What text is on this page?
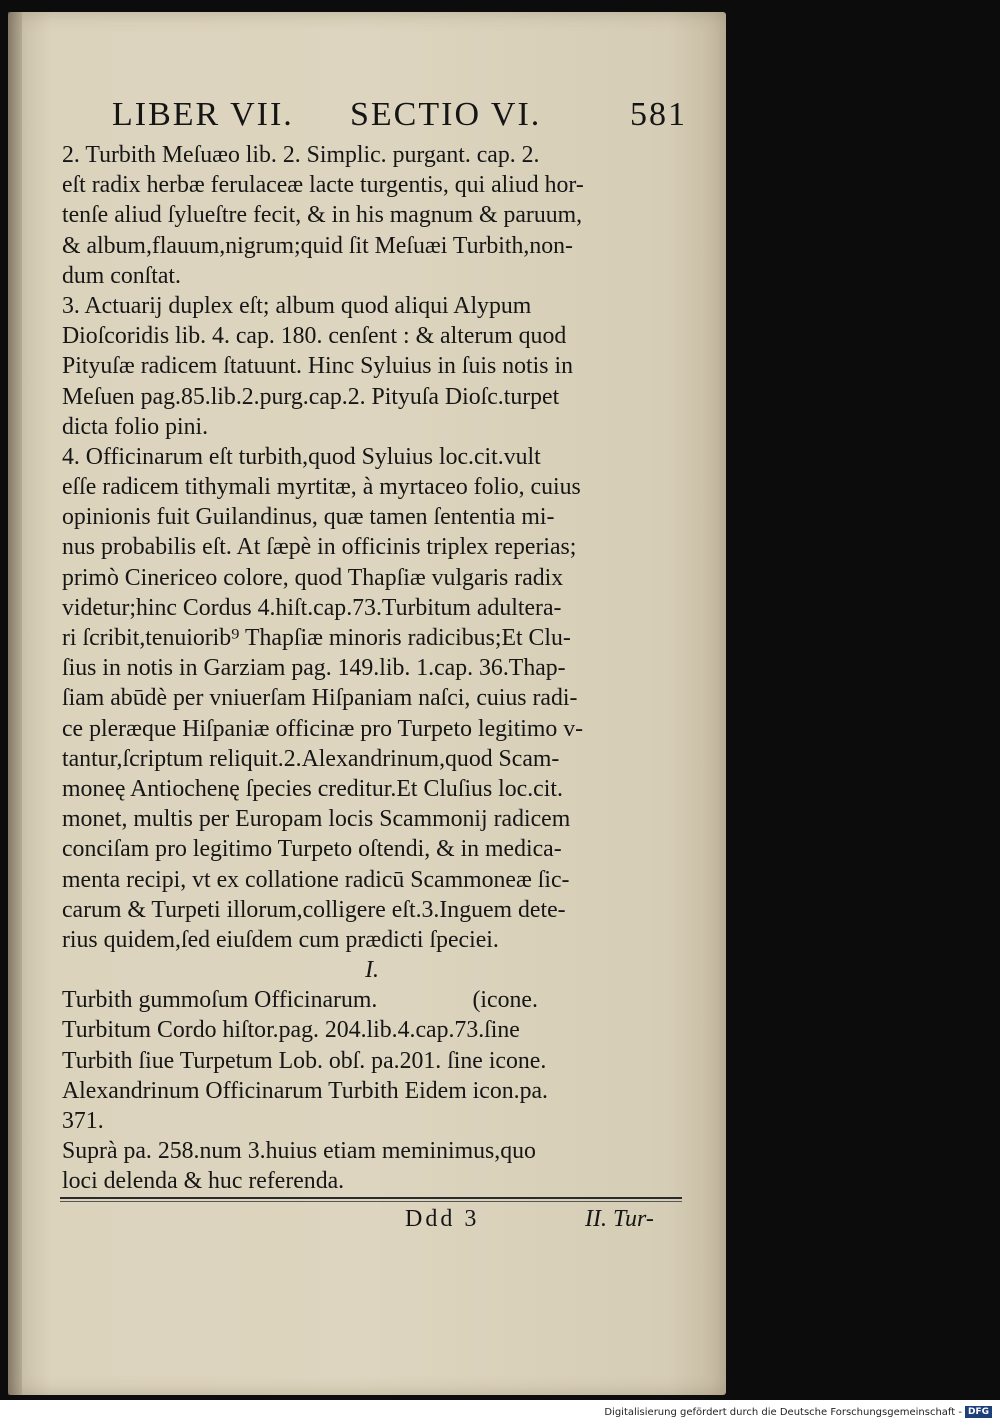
LIBER VII. SECTIO VI.	581
2. Turbith Meſuæo lib. 2. Simplic. purgant. cap. 2.
eſt radix herbæ ferulaceæ lacte turgentis, qui aliud hor-
tenſe aliud ſylueſtre fecit, & in his magnum & paruum,
& album,flauum,nigrum;quid ſit Meſuæi Turbith,non-
dum conſtat.
3. Actuarij duplex eſt; album quod aliqui Alypum
Dioſcoridis lib. 4. cap. 180. cenſent : & alterum quod
Pityuſæ radicem ſtatuunt. Hinc Syluius in ſuis notis in
Meſuen pag.85.lib.2.purg.cap.2. Pityuſa Dioſc.turpet
dicta folio pini.
4. Officinarum eſt turbith,quod Syluius loc.cit.vult
eſſe radicem tithymali myrtitæ, à myrtaceo folio, cuius
opinionis fuit Guilandinus, quæ tamen ſententia mi-
nus probabilis eſt. At ſæpè in officinis triplex reperias;
primò Cinericeo colore, quod Thapſiæ vulgaris radix
videtur;hinc Cordus 4.hiſt.cap.73.Turbitum adultera-
ri ſcribit,tenuiorib⁹ Thapſiæ minoris radicibus;Et Clu-
ſius in notis in Garziam pag. 149.lib. 1.cap. 36.Thap-
ſiam abūdè per vniuerſam Hiſpaniam naſci, cuius radi-
ce pleræque Hiſpaniæ officinæ pro Turpeto legitimo v-
tantur,ſcriptum reliquit.2.Alexandrinum,quod Scam-
moneę Antiochenę ſpecies creditur.Et Cluſius loc.cit.
monet, multis per Europam locis Scammonij radicem
conciſam pro legitimo Turpeto oſtendi, & in medica-
menta recipi, vt ex collatione radicū Scammoneæ ſic-
carum & Turpeti illorum,colligere eſt.3.Inguem dete-
rius quidem,ſed eiuſdem cum prædicti ſpeciei.
I.
Turbith gummoſum Officinarum.                (icone.
Turbitum Cordo hiſtor.pag. 204.lib.4.cap.73.ſine
Turbith ſiue Turpetum Lob. obſ. pa.201. ſine icone.
Alexandrinum Officinarum Turbith Eidem icon.pa.
371.
Suprà pa. 258.num 3.huius etiam meminimus,quo
loci delenda & huc referenda.
Ddd 3	II. Tur-
Digitalisierung gefördert durch die Deutsche Forschungsgemeinschaft - DFG
